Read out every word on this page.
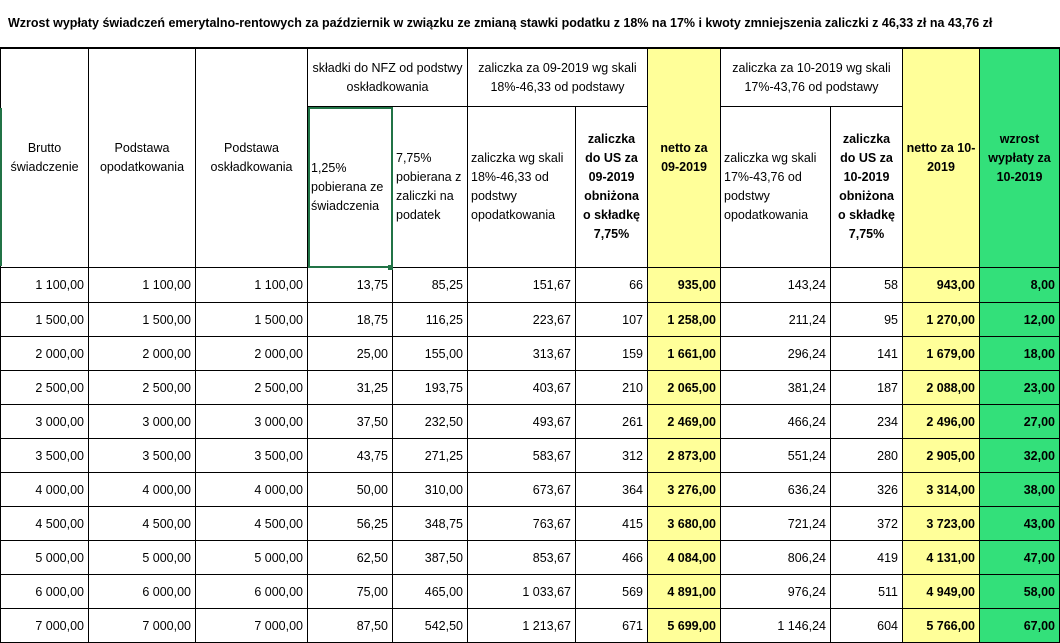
Wzrost wypłaty świadczeń emerytalno-rentowych za październik w związku ze zmianą stawki podatku z 18% na 17% i kwoty zmniejszenia zaliczki z 46,33 zł na 43,76 zł
Brutto świadczenie	Podstawa opodatkowania	Podstawa oskładkowania	składki do NFZ od podstwy oskładkowania		zaliczka za 09-2019 wg skali 18%-46,33 od podstawy		netto za 09-2019	zaliczka za 10-2019 wg skali 17%-43,76 od podstawy		netto za 10-2019	wzrost wypłaty za 10-2019
			1,25% pobierana ze świadczenia	7,75% pobierana z zaliczki na podatek	zaliczka wg skali 18%-46,33 od podstwy opodatkowania	zaliczka do US za 09-2019 obniżona o składkę 7,75%		zaliczka wg skali 17%-43,76 od podstwy opodatkowania	zaliczka do US za 10-2019 obniżona o składkę 7,75%		
1 100,00	1 100,00	1 100,00	13,75	85,25	151,67	66	935,00	143,24	58	943,00	8,00
1 500,00	1 500,00	1 500,00	18,75	116,25	223,67	107	1 258,00	211,24	95	1 270,00	12,00
2 000,00	2 000,00	2 000,00	25,00	155,00	313,67	159	1 661,00	296,24	141	1 679,00	18,00
2 500,00	2 500,00	2 500,00	31,25	193,75	403,67	210	2 065,00	381,24	187	2 088,00	23,00
3 000,00	3 000,00	3 000,00	37,50	232,50	493,67	261	2 469,00	466,24	234	2 496,00	27,00
3 500,00	3 500,00	3 500,00	43,75	271,25	583,67	312	2 873,00	551,24	280	2 905,00	32,00
4 000,00	4 000,00	4 000,00	50,00	310,00	673,67	364	3 276,00	636,24	326	3 314,00	38,00
4 500,00	4 500,00	4 500,00	56,25	348,75	763,67	415	3 680,00	721,24	372	3 723,00	43,00
5 000,00	5 000,00	5 000,00	62,50	387,50	853,67	466	4 084,00	806,24	419	4 131,00	47,00
6 000,00	6 000,00	6 000,00	75,00	465,00	1 033,67	569	4 891,00	976,24	511	4 949,00	58,00
7 000,00	7 000,00	7 000,00	87,50	542,50	1 213,67	671	5 699,00	1 146,24	604	5 766,00	67,00
